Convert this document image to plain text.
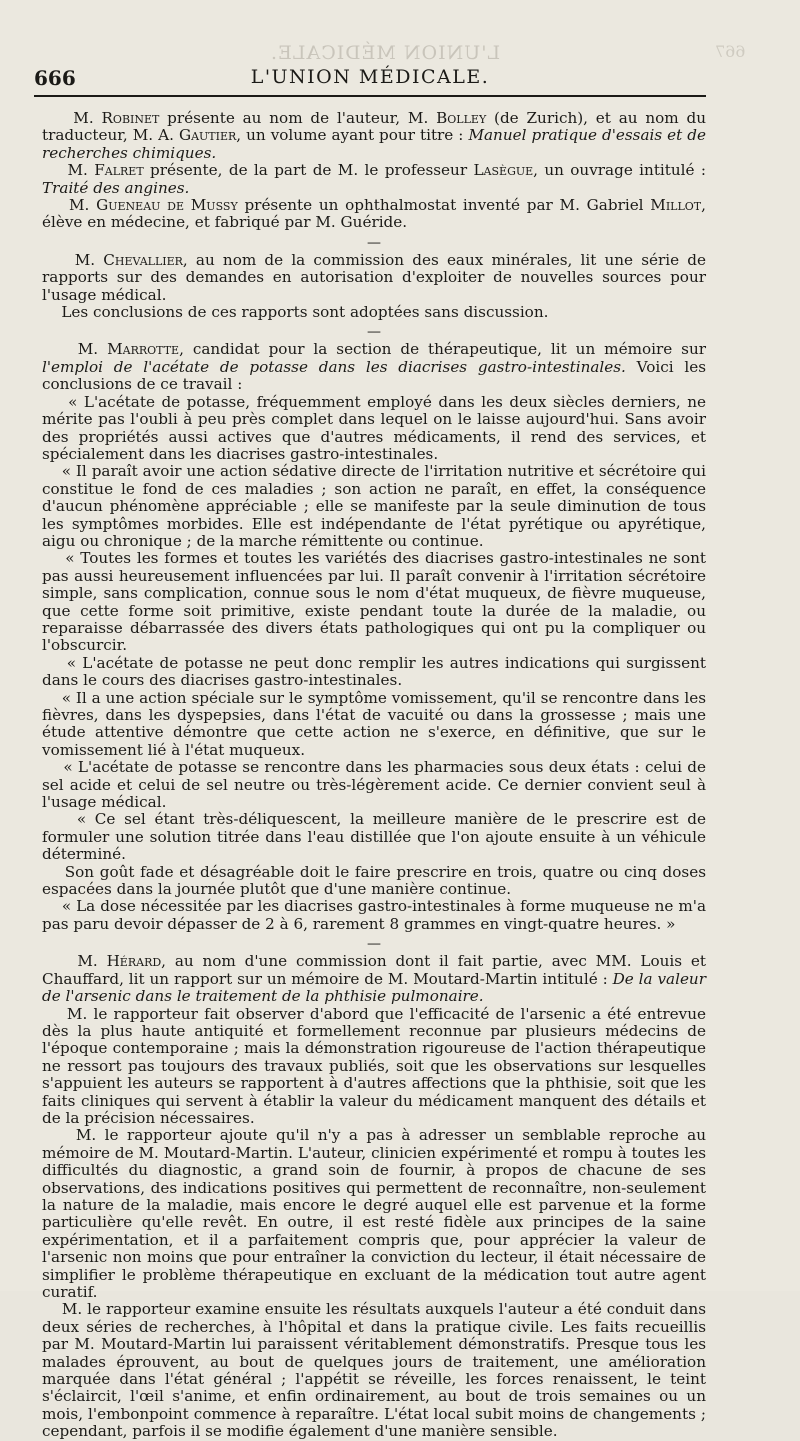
L'UNION MÉDICALE.	667
666	L'UNION MÉDICALE.

M. Robinet présente au nom de l'auteur, M. Bolley (de Zurich), et au nom du traducteur, M. A. Gautier, un volume ayant pour titre : Manuel pratique d'essais et de recherches chimiques.

M. Falret présente, de la part de M. le professeur Lasègue, un ouvrage intitulé : Traité des angines.

M. Gueneau de Mussy présente un ophthalmostat inventé par M. Gabriel Millot, élève en médecine, et fabriqué par M. Guéride.

—

M. Chevallier, au nom de la commission des eaux minérales, lit une série de rapports sur des demandes en autorisation d'exploiter de nouvelles sources pour l'usage médical.

Les conclusions de ces rapports sont adoptées sans discussion.

—

M. Marrotte, candidat pour la section de thérapeutique, lit un mémoire sur l'emploi de l'acétate de potasse dans les diacrises gastro-intestinales. Voici les conclusions de ce travail :

« L'acétate de potasse, fréquemment employé dans les deux siècles derniers, ne mérite pas l'oubli à peu près complet dans lequel on le laisse aujourd'hui. Sans avoir des propriétés aussi actives que d'autres médicaments, il rend des services, et spécialement dans les diacrises gastro-intestinales.

« Il paraît avoir une action sédative directe de l'irritation nutritive et sécrétoire qui constitue le fond de ces maladies ; son action ne paraît, en effet, la conséquence d'aucun phénomène appréciable ; elle se manifeste par la seule diminution de tous les symptômes morbides. Elle est indépendante de l'état pyrétique ou apyrétique, aigu ou chronique ; de la marche rémittente ou continue.

« Toutes les formes et toutes les variétés des diacrises gastro-intestinales ne sont pas aussi heureusement influencées par lui. Il paraît convenir à l'irritation sécrétoire simple, sans complication, connue sous le nom d'état muqueux, de fièvre muqueuse, que cette forme soit primitive, existe pendant toute la durée de la maladie, ou reparaisse débarrassée des divers états pathologiques qui ont pu la compliquer ou l'obscurcir.

« L'acétate de potasse ne peut donc remplir les autres indications qui surgissent dans le cours des diacrises gastro-intestinales.

« Il a une action spéciale sur le symptôme vomissement, qu'il se rencontre dans les fièvres, dans les dyspepsies, dans l'état de vacuité ou dans la grossesse ; mais une étude attentive démontre que cette action ne s'exerce, en définitive, que sur le vomissement lié à l'état muqueux.

« L'acétate de potasse se rencontre dans les pharmacies sous deux états : celui de sel acide et celui de sel neutre ou très-légèrement acide. Ce dernier convient seul à l'usage médical.

« Ce sel étant très-déliquescent, la meilleure manière de le prescrire est de formuler une solution titrée dans l'eau distillée que l'on ajoute ensuite à un véhicule déterminé.

Son goût fade et désagréable doit le faire prescrire en trois, quatre ou cinq doses espacées dans la journée plutôt que d'une manière continue.

« La dose nécessitée par les diacrises gastro-intestinales à forme muqueuse ne m'a pas paru devoir dépasser de 2 à 6, rarement 8 grammes en vingt-quatre heures. »

—

M. Hérard, au nom d'une commission dont il fait partie, avec MM. Louis et Chauffard, lit un rapport sur un mémoire de M. Moutard-Martin intitulé : De la valeur de l'arsenic dans le traitement de la phthisie pulmonaire.

M. le rapporteur fait observer d'abord que l'efficacité de l'arsenic a été entrevue dès la plus haute antiquité et formellement reconnue par plusieurs médecins de l'époque contemporaine ; mais la démonstration rigoureuse de l'action thérapeutique ne ressort pas toujours des travaux publiés, soit que les observations sur lesquelles s'appuient les auteurs se rapportent à d'autres affections que la phthisie, soit que les faits cliniques qui servent à établir la valeur du médicament manquent des détails et de la précision nécessaires.

M. le rapporteur ajoute qu'il n'y a pas à adresser un semblable reproche au mémoire de M. Moutard-Martin. L'auteur, clinicien expérimenté et rompu à toutes les difficultés du diagnostic, a grand soin de fournir, à propos de chacune de ses observations, des indications positives qui permettent de reconnaître, non-seulement la nature de la maladie, mais encore le degré auquel elle est parvenue et la forme particulière qu'elle revêt. En outre, il est resté fidèle aux principes de la saine expérimentation, et il a parfaitement compris que, pour apprécier la valeur de l'arsenic non moins que pour entraîner la conviction du lecteur, il était nécessaire de simplifier le problème thérapeutique en excluant de la médication tout autre agent curatif.

M. le rapporteur examine ensuite les résultats auxquels l'auteur a été conduit dans deux séries de recherches, à l'hôpital et dans la pratique civile. Les faits recueillis par M. Moutard-Martin lui paraissent véritablement démonstratifs. Presque tous les malades éprouvent, au bout de quelques jours de traitement, une amélioration marquée dans l'état général ; l'appétit se réveille, les forces renaissent, le teint s'éclaircit, l'œil s'anime, et enfin ordinairement, au bout de trois semaines ou un mois, l'embonpoint commence à reparaître. L'état local subit moins de changements ; cependant, parfois il se modifie également d'une manière sensible.
